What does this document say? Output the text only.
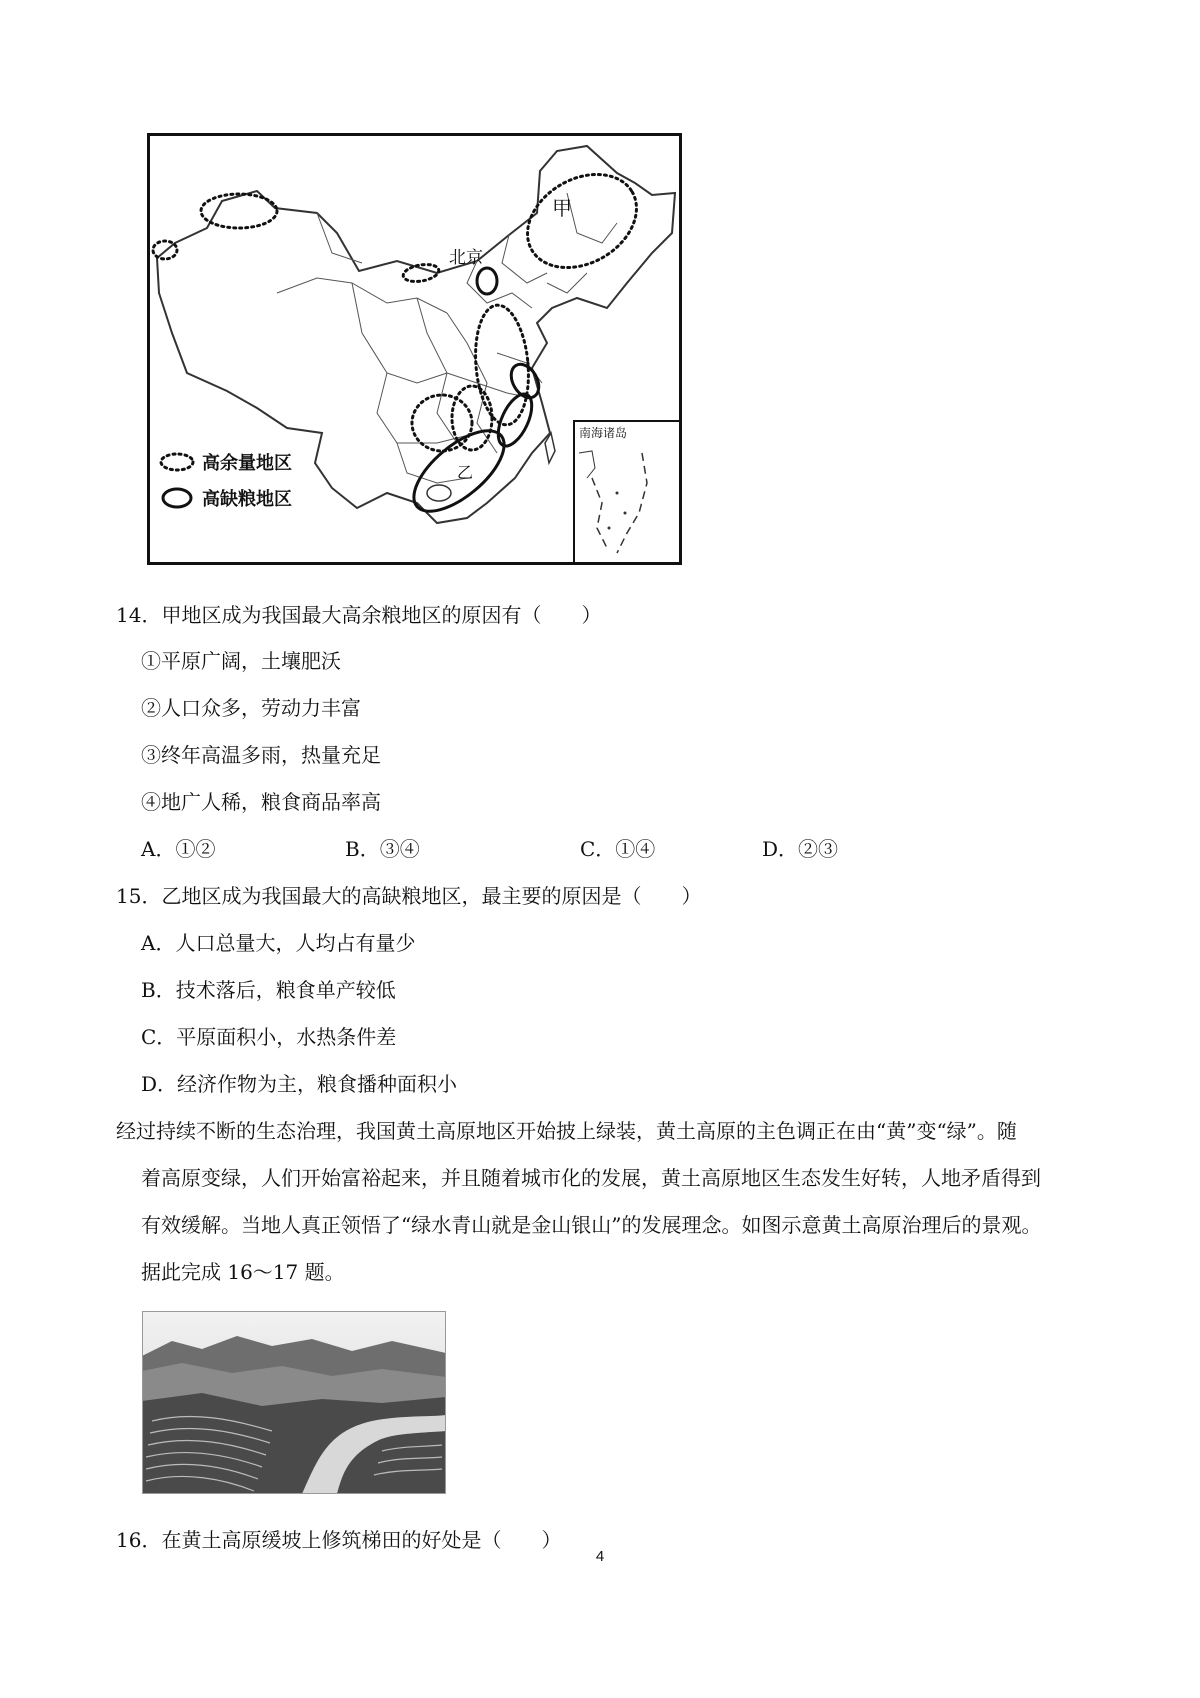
甲
北京
乙
南海诸岛
高余量地区
高缺粮地区
14．甲地区成为我国最大高余粮地区的原因有（　　）
①平原广阔，土壤肥沃
②人口众多，劳动力丰富
③终年高温多雨，热量充足
④地广人稀，粮食商品率高
A．①②	B．③④	C．①④	D．②③
15．乙地区成为我国最大的高缺粮地区，最主要的原因是（　　）
A．人口总量大，人均占有量少
B．技术落后，粮食单产较低
C．平原面积小，水热条件差
D．经济作物为主，粮食播种面积小
经过持续不断的生态治理，我国黄土高原地区开始披上绿装，黄土高原的主色调正在由“黄”变“绿”。随
着高原变绿，人们开始富裕起来，并且随着城市化的发展，黄土高原地区生态发生好转，人地矛盾得到
有效缓解。当地人真正领悟了“绿水青山就是金山银山”的发展理念。如图示意黄土高原治理后的景观。
据此完成 16～17 题。
16．在黄土高原缓坡上修筑梯田的好处是（　　）
4
